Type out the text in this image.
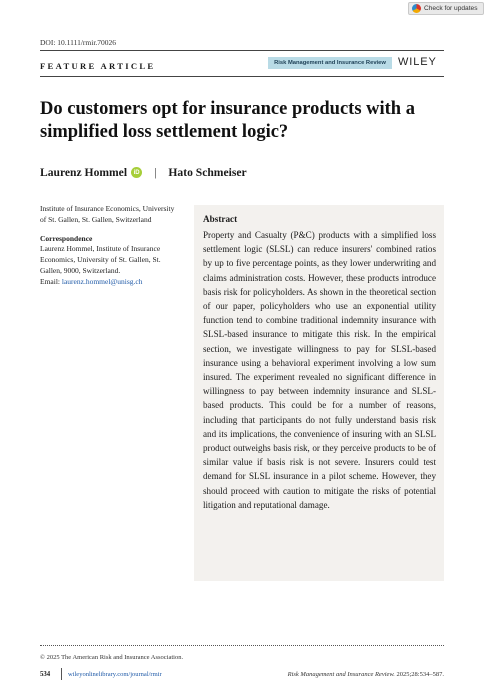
Check for updates
DOI: 10.1111/rmir.70026
FEATURE ARTICLE	Risk Management and Insurance Review	WILEY
Do customers opt for insurance products with a simplified loss settlement logic?
Laurenz Hommel	iD | Hato Schmeiser
Institute of Insurance Economics, University of St. Gallen, St. Gallen, Switzerland
Correspondence
Laurenz Hommel, Institute of Insurance Economics, University of St. Gallen, St. Gallen, 9000, Switzerland.
Email: laurenz.hommel@unisg.ch

Abstract

Property and Casualty (P&C) products with a simplified loss settlement logic (SLSL) can reduce insurers' combined ratios by up to five percentage points, as they lower underwriting and claims administration costs. However, these products introduce basis risk for policyholders. As shown in the theoretical section of our paper, policyholders who use an exponential utility function tend to combine traditional indemnity insurance with SLSL-based insurance to mitigate this risk. In the empirical section, we investigate willingness to pay for SLSL-based insurance using a behavioral experiment involving a low sum insured. The experiment revealed no significant difference in willingness to pay between indemnity insurance and SLSL-based products. This could be for a number of reasons, including that participants do not fully understand basis risk and its implications, the convenience of insuring with an SLSL product outweighs basis risk, or they perceive products to be of similar value if basis risk is not severe. Insurers could test demand for SLSL insurance in a pilot scheme. However, they should proceed with caution to mitigate the risks of potential litigation and reputational damage.

© 2025 The American Risk and Insurance Association.
534	wileyonlinelibrary.com/journal/rmir	Risk Management and Insurance Review. 2025;28:534–587.
